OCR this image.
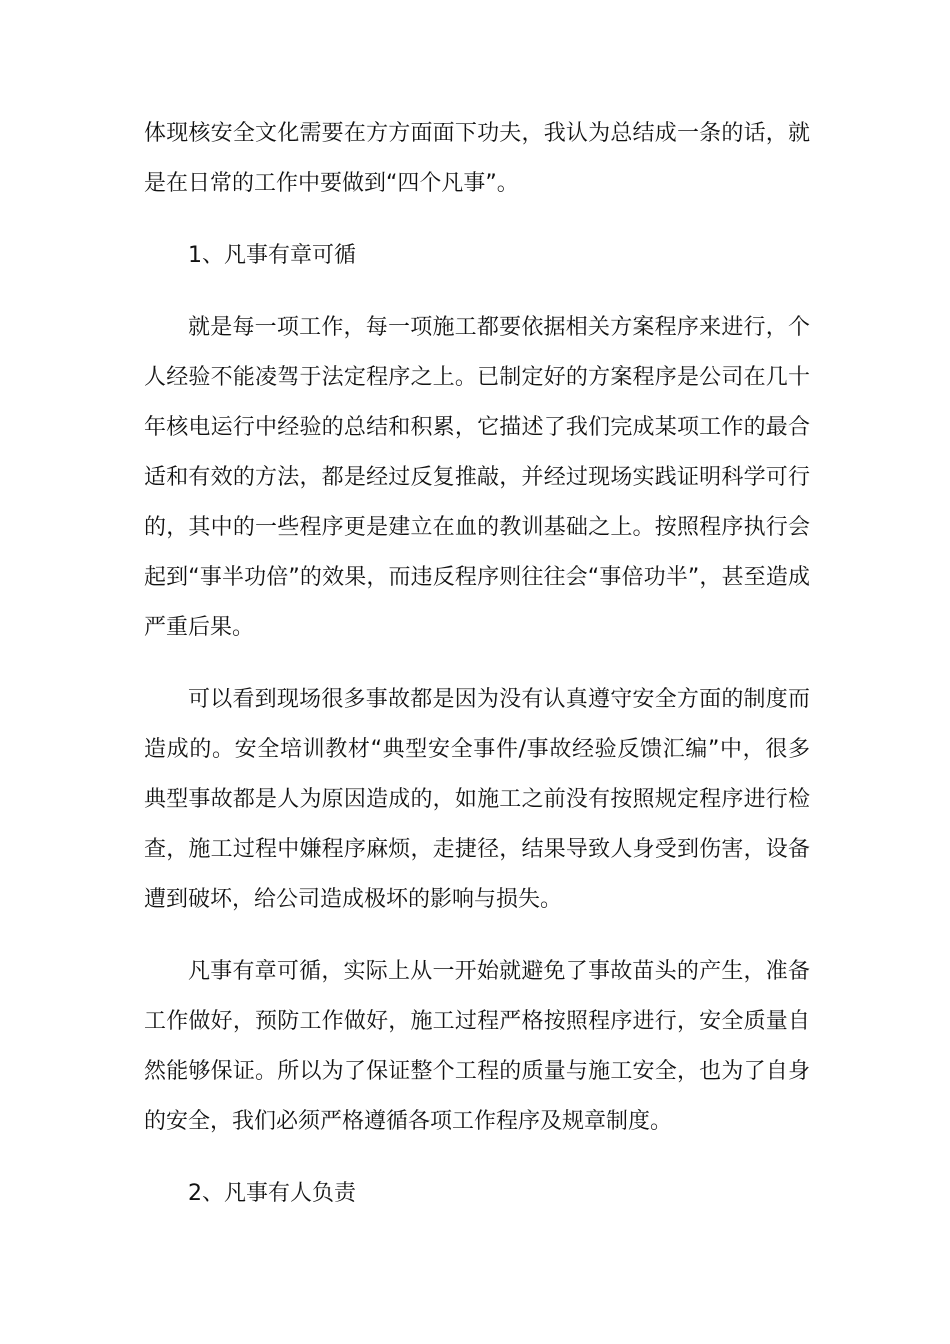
体现核安全文化需要在方方面面下功夫，我认为总结成一条的话，就是在日常的工作中要做到“四个凡事”。

1、凡事有章可循

就是每一项工作，每一项施工都要依据相关方案程序来进行，个人经验不能凌驾于法定程序之上。已制定好的方案程序是公司在几十年核电运行中经验的总结和积累，它描述了我们完成某项工作的最合适和有效的方法，都是经过反复推敲，并经过现场实践证明科学可行的，其中的一些程序更是建立在血的教训基础之上。按照程序执行会起到“事半功倍”的效果，而违反程序则往往会“事倍功半”，甚至造成严重后果。

可以看到现场很多事故都是因为没有认真遵守安全方面的制度而造成的。安全培训教材“典型安全事件/事故经验反馈汇编”中，很多典型事故都是人为原因造成的，如施工之前没有按照规定程序进行检查，施工过程中嫌程序麻烦，走捷径，结果导致人身受到伤害，设备遭到破坏，给公司造成极坏的影响与损失。

凡事有章可循，实际上从一开始就避免了事故苗头的产生，准备工作做好，预防工作做好，施工过程严格按照程序进行，安全质量自然能够保证。所以为了保证整个工程的质量与施工安全，也为了自身的安全，我们必须严格遵循各项工作程序及规章制度。

2、凡事有人负责
